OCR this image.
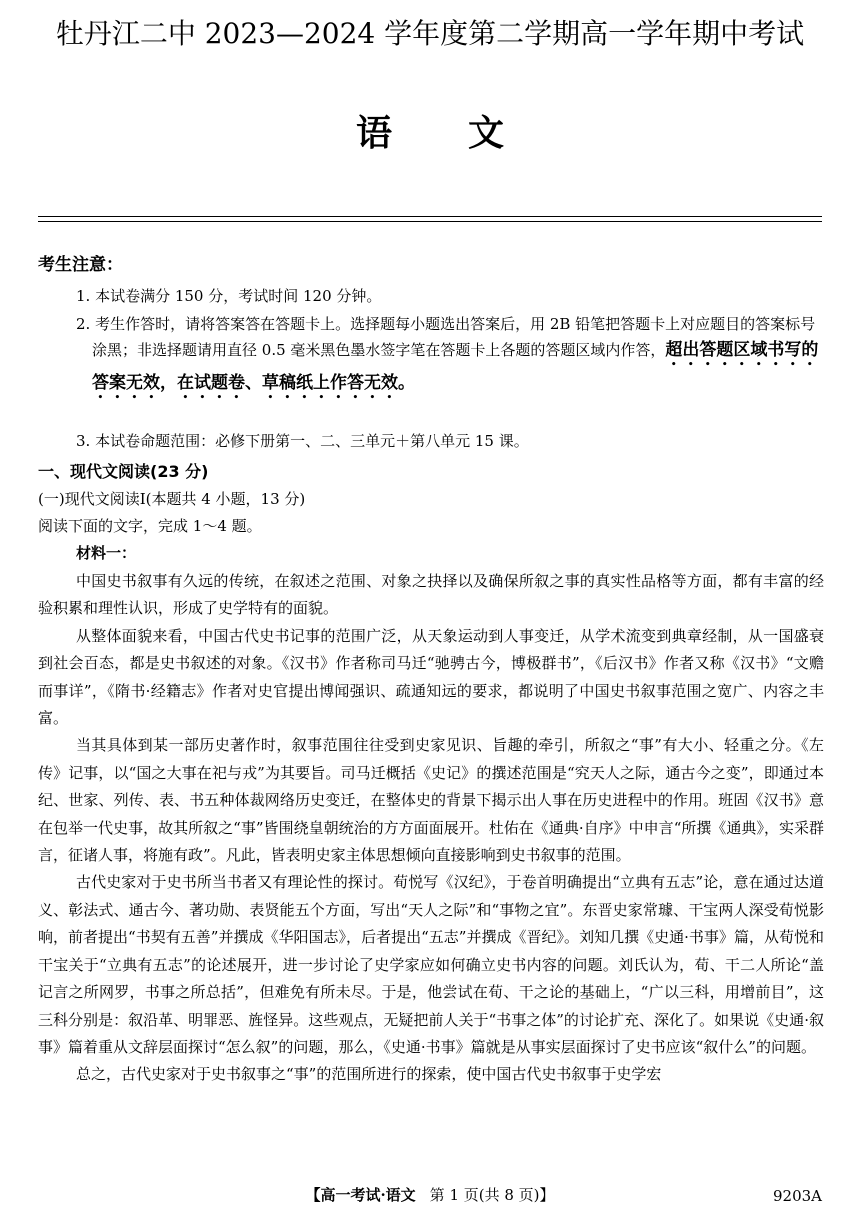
牡丹江二中 2023—2024 学年度第二学期高一学年期中考试
语文
考生注意：
1. 本试卷满分 150 分，考试时间 120 分钟。
2. 考生作答时，请将答案答在答题卡上。选择题每小题选出答案后，用 2B 铅笔把答题卡上对应题目的答案标号涂黑；非选择题请用直径 0.5 毫米黑色墨水签字笔在答题卡上各题的答题区域内作答，超出答题区域书写的答案无效，在试题卷、草稿纸上作答无效。
3. 本试卷命题范围：必修下册第一、二、三单元＋第八单元 15 课。
一、现代文阅读(23 分)
(一)现代文阅读Ⅰ(本题共 4 小题，13 分)
阅读下面的文字，完成 1～4 题。
材料一：

中国史书叙事有久远的传统，在叙述之范围、对象之抉择以及确保所叙之事的真实性品格等方面，都有丰富的经验积累和理性认识，形成了史学特有的面貌。

从整体面貌来看，中国古代史书记事的范围广泛，从天象运动到人事变迁，从学术流变到典章经制，从一国盛衰到社会百态，都是史书叙述的对象。《汉书》作者称司马迁“驰骋古今，博极群书”，《后汉书》作者又称《汉书》“文赡而事详”，《隋书·经籍志》作者对史官提出博闻强识、疏通知远的要求，都说明了中国史书叙事范围之宽广、内容之丰富。

当其具体到某一部历史著作时，叙事范围往往受到史家见识、旨趣的牵引，所叙之“事”有大小、轻重之分。《左传》记事，以“国之大事在祀与戎”为其要旨。司马迁概括《史记》的撰述范围是“究天人之际，通古今之变”，即通过本纪、世家、列传、表、书五种体裁网络历史变迁，在整体史的背景下揭示出人事在历史进程中的作用。班固《汉书》意在包举一代史事，故其所叙之“事”皆围绕皇朝统治的方方面面展开。杜佑在《通典·自序》中申言“所撰《通典》，实采群言，征诸人事，将施有政”。凡此，皆表明史家主体思想倾向直接影响到史书叙事的范围。

古代史家对于史书所当书者又有理论性的探讨。荀悦写《汉纪》，于卷首明确提出“立典有五志”论，意在通过达道义、彰法式、通古今、著功勋、表贤能五个方面，写出“天人之际”和“事物之宜”。东晋史家常璩、干宝两人深受荀悦影响，前者提出“书契有五善”并撰成《华阳国志》，后者提出“五志”并撰成《晋纪》。刘知几撰《史通·书事》篇，从荀悦和干宝关于“立典有五志”的论述展开，进一步讨论了史学家应如何确立史书内容的问题。刘氏认为，荀、干二人所论“盖记言之所网罗，书事之所总括”，但难免有所未尽。于是，他尝试在荀、干之论的基础上，“广以三科，用增前目”，这三科分别是：叙沿革、明罪恶、旌怪异。这些观点，无疑把前人关于“书事之体”的讨论扩充、深化了。如果说《史通·叙事》篇着重从文辞层面探讨“怎么叙”的问题，那么，《史通·书事》篇就是从事实层面探讨了史书应该“叙什么”的问题。

总之，古代史家对于史书叙事之“事”的范围所进行的探索，使中国古代史书叙事于史学宏

【高一考试·语文 第 1 页(共 8 页)】	9203A
